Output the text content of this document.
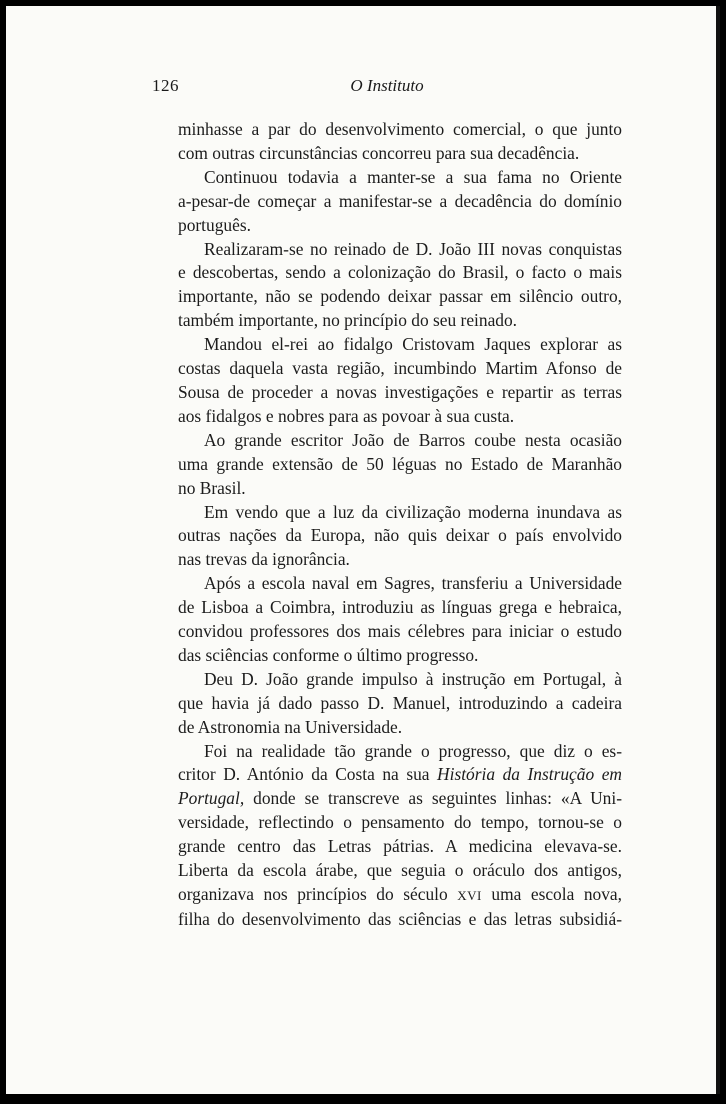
126	O Instituto
minhasse a par do desenvolvimento comercial, o que junto
com outras circunstâncias concorreu para sua decadência.
Continuou todavia a manter-se a sua fama no Oriente
a-pesar-de começar a manifestar-se a decadência do domínio
português.
Realizaram-se no reinado de D. João III novas conquistas
e descobertas, sendo a colonização do Brasil, o facto o mais
importante, não se podendo deixar passar em silêncio outro,
também importante, no princípio do seu reinado.
Mandou el-rei ao fidalgo Cristovam Jaques explorar as
costas daquela vasta região, incumbindo Martim Afonso de
Sousa de proceder a novas investigações e repartir as terras
aos fidalgos e nobres para as povoar à sua custa.
Ao grande escritor João de Barros coube nesta ocasião
uma grande extensão de 50 léguas no Estado de Maranhão
no Brasil.
Em vendo que a luz da civilização moderna inundava as
outras nações da Europa, não quis deixar o país envolvido
nas trevas da ignorância.
Após a escola naval em Sagres, transferiu a Universidade
de Lisboa a Coimbra, introduziu as línguas grega e hebraica,
convidou professores dos mais célebres para iniciar o estudo
das sciências conforme o último progresso.
Deu D. João grande impulso à instrução em Portugal, à
que havia já dado passo D. Manuel, introduzindo a cadeira
de Astronomia na Universidade.
Foi na realidade tão grande o progresso, que diz o es-
critor D. António da Costa na sua História da Instrução em
Portugal, donde se transcreve as seguintes linhas: «A Uni-
versidade, reflectindo o pensamento do tempo, tornou-se o
grande centro das Letras pátrias. A medicina elevava-se.
Liberta da escola árabe, que seguia o oráculo dos antigos,
organizava nos princípios do século XVI uma escola nova,
filha do desenvolvimento das sciências e das letras subsidiá-
